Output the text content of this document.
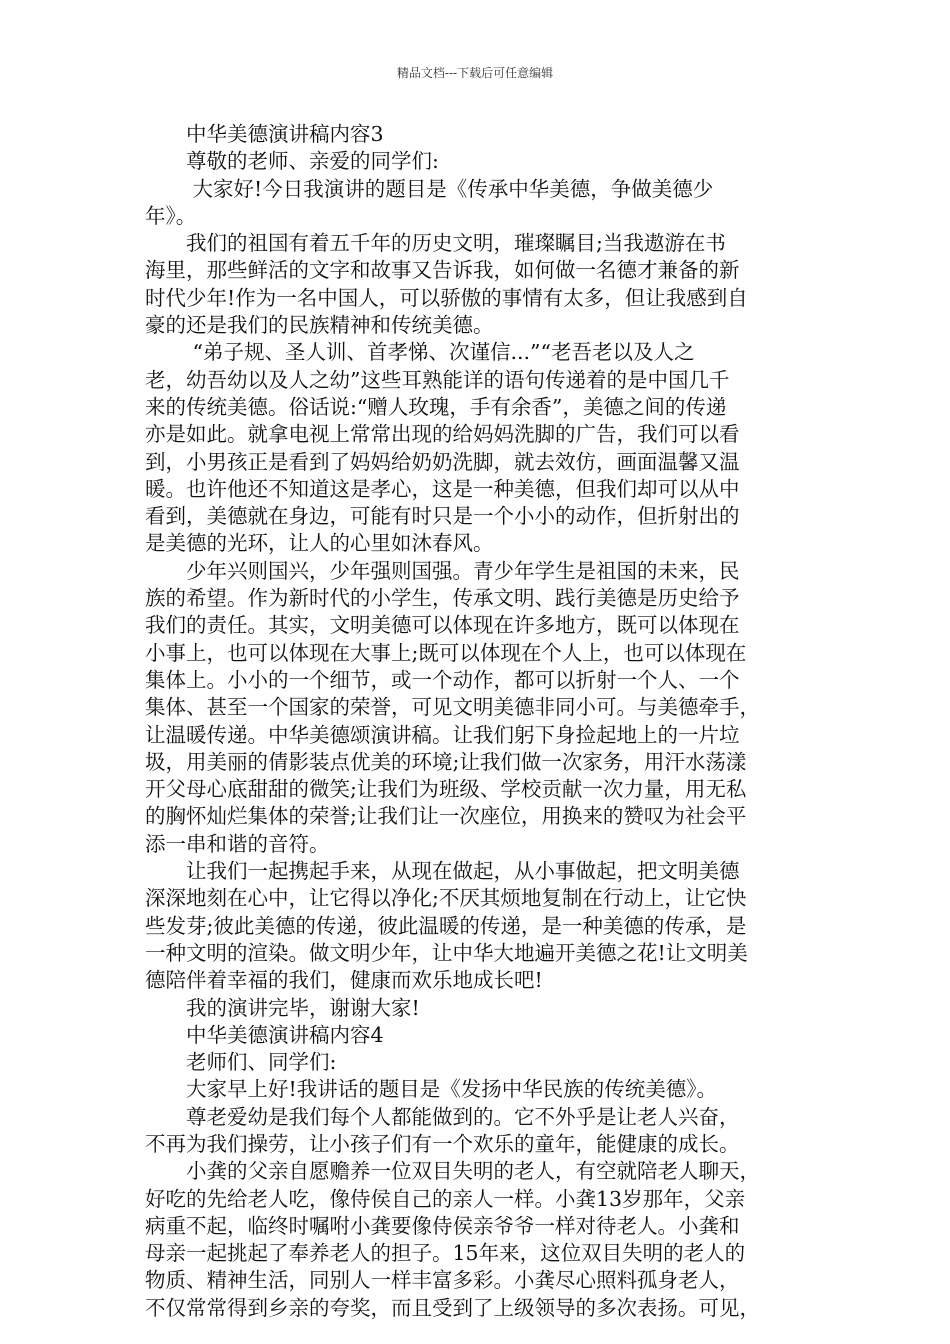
精品文档---下载后可任意编辑
中华美德演讲稿内容3
尊敬的老师、亲爱的同学们:
大家好!今日我演讲的题目是《传承中华美德，争做美德少
年》。
我们的祖国有着五千年的历史文明，璀璨瞩目;当我遨游在书
海里，那些鲜活的文字和故事又告诉我，如何做一名德才兼备的新
时代少年!作为一名中国人，可以骄傲的事情有太多，但让我感到自
豪的还是我们的民族精神和传统美德。
“弟子规、圣人训、首孝悌、次谨信...”“老吾老以及人之
老，幼吾幼以及人之幼”这些耳熟能详的语句传递着的是中国几千
来的传统美德。俗话说:“赠人玫瑰，手有余香”，美德之间的传递
亦是如此。就拿电视上常常出现的给妈妈洗脚的广告，我们可以看
到，小男孩正是看到了妈妈给奶奶洗脚，就去效仿，画面温馨又温
暖。也许他还不知道这是孝心，这是一种美德，但我们却可以从中
看到，美德就在身边，可能有时只是一个小小的动作，但折射出的
是美德的光环，让人的心里如沐春风。
少年兴则国兴，少年强则国强。青少年学生是祖国的未来，民
族的希望。作为新时代的小学生，传承文明、践行美德是历史给予
我们的责任。其实，文明美德可以体现在许多地方，既可以体现在
小事上，也可以体现在大事上;既可以体现在个人上，也可以体现在
集体上。小小的一个细节，或一个动作，都可以折射一个人、一个
集体、甚至一个国家的荣誉，可见文明美德非同小可。与美德牵手，
让温暖传递。中华美德颂演讲稿。让我们躬下身捡起地上的一片垃
圾，用美丽的倩影装点优美的环境;让我们做一次家务，用汗水荡漾
开父母心底甜甜的微笑;让我们为班级、学校贡献一次力量，用无私
的胸怀灿烂集体的荣誉;让我们让一次座位，用换来的赞叹为社会平
添一串和谐的音符。
让我们一起携起手来，从现在做起，从小事做起，把文明美德
深深地刻在心中，让它得以净化;不厌其烦地复制在行动上，让它快
些发芽;彼此美德的传递，彼此温暖的传递，是一种美德的传承，是
一种文明的渲染。做文明少年，让中华大地遍开美德之花!让文明美
德陪伴着幸福的我们，健康而欢乐地成长吧!
我的演讲完毕，谢谢大家!
中华美德演讲稿内容4
老师们、同学们:
大家早上好!我讲话的题目是《发扬中华民族的传统美德》。
尊老爱幼是我们每个人都能做到的。它不外乎是让老人兴奋，
不再为我们操劳，让小孩子们有一个欢乐的童年，能健康的成长。
小龚的父亲自愿赡养一位双目失明的老人，有空就陪老人聊天，
好吃的先给老人吃，像侍侯自己的亲人一样。小龚13岁那年，父亲
病重不起，临终时嘱咐小龚要像侍侯亲爷爷一样对待老人。小龚和
母亲一起挑起了奉养老人的担子。15年来，这位双目失明的老人的
物质、精神生活，同别人一样丰富多彩。小龚尽心照料孤身老人，
不仅常常得到乡亲的夸奖，而且受到了上级领导的多次表扬。可见，
